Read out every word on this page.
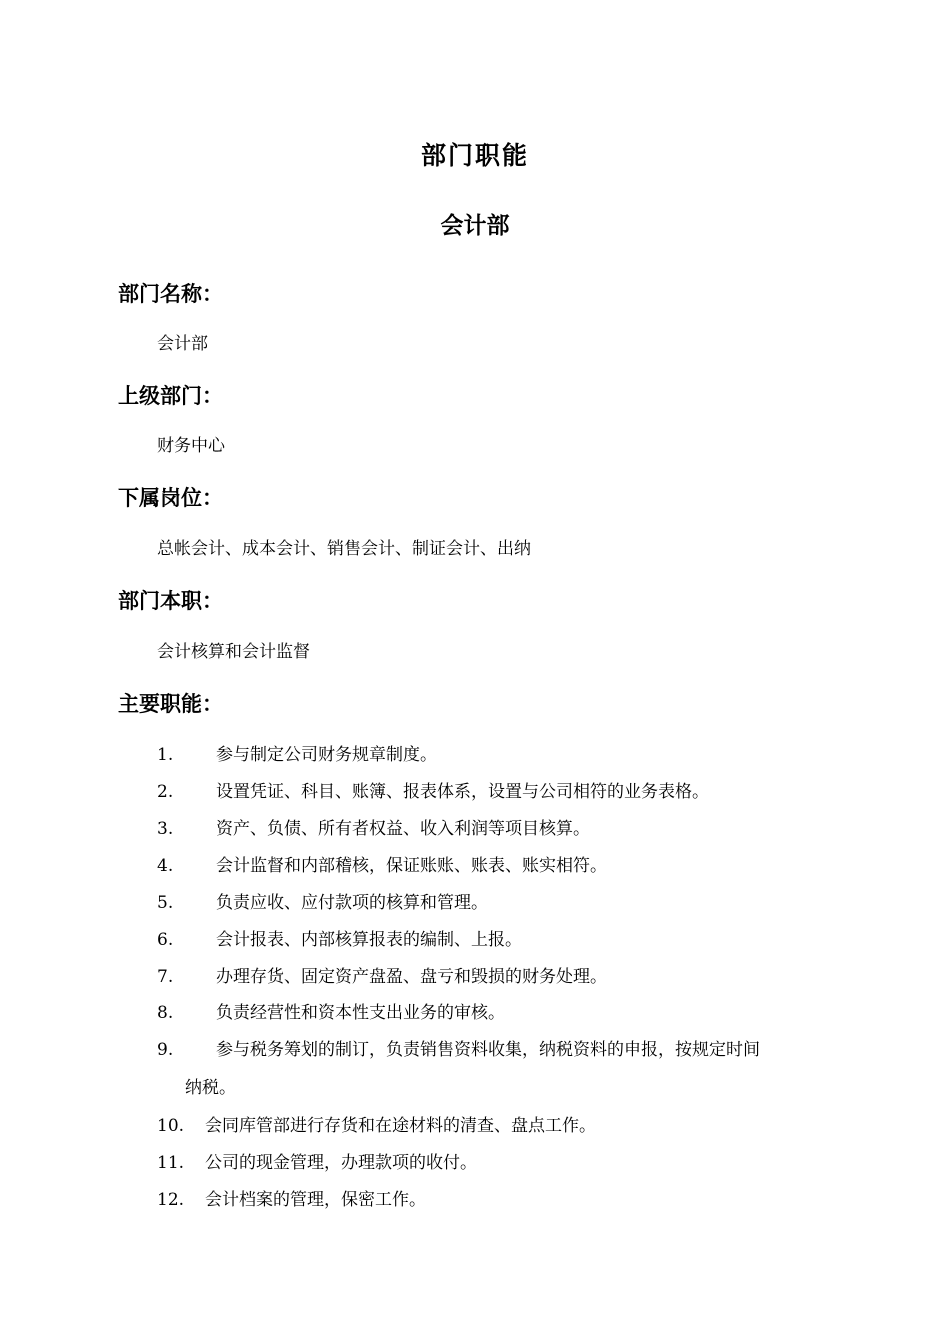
部门职能
会计部
部门名称：

会计部

上级部门：

财务中心

下属岗位：

总帐会计、成本会计、销售会计、制证会计、出纳

部门本职：

会计核算和会计监督

主要职能：

1.	参与制定公司财务规章制度。

2.	设置凭证、科目、账簿、报表体系，设置与公司相符的业务表格。

3.	资产、负债、所有者权益、收入利润等项目核算。

4.	会计监督和内部稽核，保证账账、账表、账实相符。

5.	负责应收、应付款项的核算和管理。

6.	会计报表、内部核算报表的编制、上报。

7.	办理存货、固定资产盘盈、盘亏和毁损的财务处理。

8.	负责经营性和资本性支出业务的审核。

9.	参与税务筹划的制订，负责销售资料收集，纳税资料的申报，按规定时间

纳税。

10. 会同库管部进行存货和在途材料的清查、盘点工作。

11. 公司的现金管理，办理款项的收付。

12. 会计档案的管理，保密工作。
